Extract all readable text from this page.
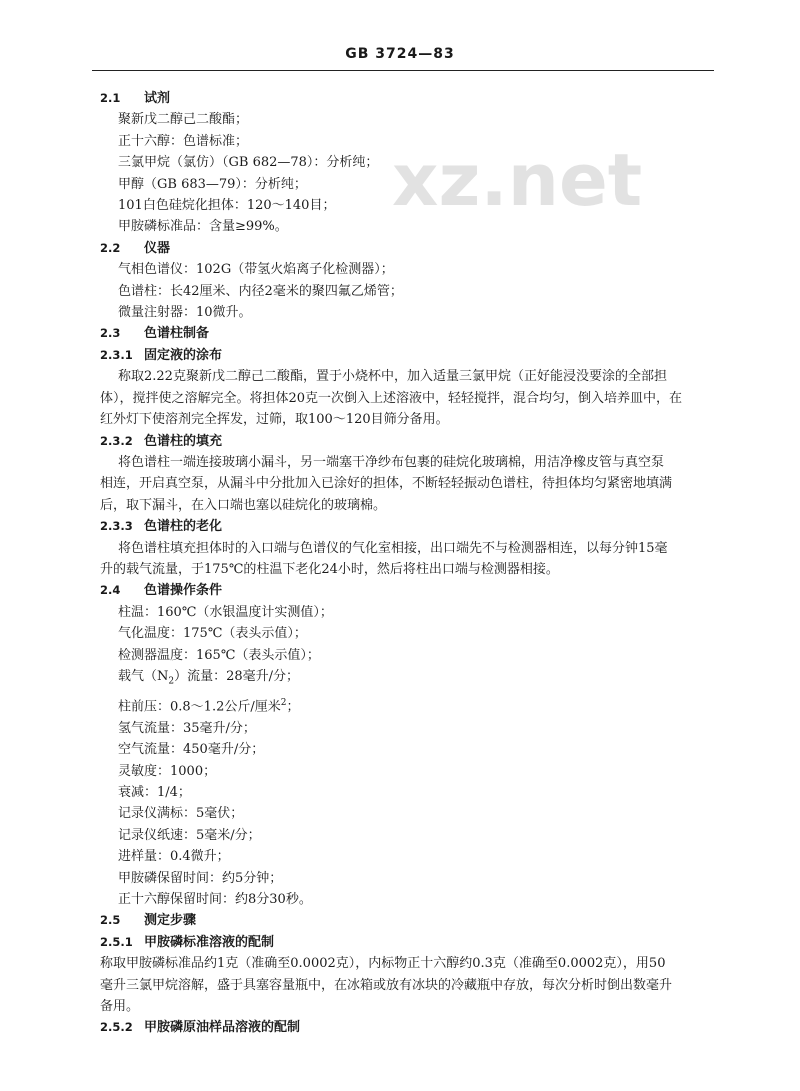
GB 3724—83
xz.net
2.1 试剂
聚新戊二醇己二酸酯；
正十六醇：色谱标准；
三氯甲烷（氯仿）（GB 682—78）：分析纯；
甲醇（GB 683—79）：分析纯；
101白色硅烷化担体：120～140目；
甲胺磷标准品：含量≥99%。
2.2 仪器
气相色谱仪：102G（带氢火焰离子化检测器）；
色谱柱：长42厘米、内径2毫米的聚四氟乙烯管；
微量注射器：10微升。
2.3 色谱柱制备
2.3.1 固定液的涂布
称取2.22克聚新戊二醇己二酸酯，置于小烧杯中，加入适量三氯甲烷（正好能浸没要涂的全部担
体），搅拌使之溶解完全。将担体20克一次倒入上述溶液中，轻轻搅拌，混合均匀，倒入培养皿中，在
红外灯下使溶剂完全挥发，过筛，取100～120目筛分备用。
2.3.2 色谱柱的填充
将色谱柱一端连接玻璃小漏斗，另一端塞干净纱布包裹的硅烷化玻璃棉，用洁净橡皮管与真空泵
相连，开启真空泵，从漏斗中分批加入已涂好的担体，不断轻轻振动色谱柱，待担体均匀紧密地填满
后，取下漏斗，在入口端也塞以硅烷化的玻璃棉。
2.3.3 色谱柱的老化
将色谱柱填充担体时的入口端与色谱仪的气化室相接，出口端先不与检测器相连，以每分钟15毫
升的载气流量，于175℃的柱温下老化24小时，然后将柱出口端与检测器相接。
2.4 色谱操作条件
柱温：160℃（水银温度计实测值）；
气化温度：175℃（表头示值）；
检测器温度：165℃（表头示值）；
载气$(N_2)$流量：28毫升/分；
柱前压：0.8～1.2公斤/厘米$^2$；
氢气流量：35毫升/分；
空气流量：450毫升/分；
灵敏度：1000；
衰减：1/4；
记录仪满标：5毫伏；
记录仪纸速：5毫米/分；
进样量：0.4微升；
甲胺磷保留时间：约5分钟；
正十六醇保留时间：约8分30秒。
2.5 测定步骤
2.5.1 甲胺磷标准溶液的配制
称取甲胺磷标准品约1克（准确至0.0002克），内标物正十六醇约0.3克（准确至0.0002克），用50
毫升三氯甲烷溶解，盛于具塞容量瓶中，在冰箱或放有冰块的冷藏瓶中存放，每次分析时倒出数毫升
备用。
2.5.2 甲胺磷原油样品溶液的配制
